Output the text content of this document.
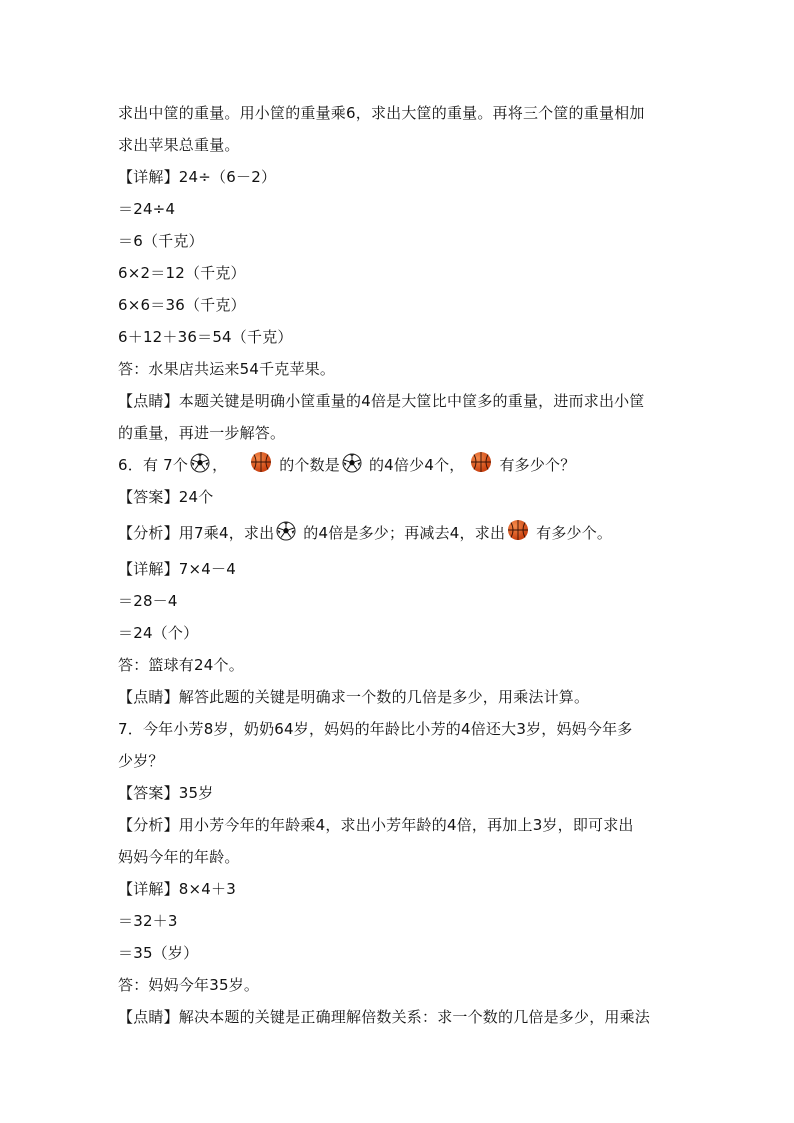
求出中筐的重量。用小筐的重量乘6，求出大筐的重量。再将三个筐的重量相加
求出苹果总重量。
【详解】24÷（6－2）
＝24÷4
＝6（千克）
6×2＝12（千克）
6×6＝36（千克）
6＋12＋36＝54（千克）
答：水果店共运来54千克苹果。
【点睛】本题关键是明确小筐重量的4倍是大筐比中筐多的重量，进而求出小筐
的重量，再进一步解答。
6．有 7个 ，	的个数是 的4倍少4个， 有多少个？
【答案】24个
【分析】用7乘4，求出 的4倍是多少；再减去4，求出 有多少个。
【详解】7×4－4
＝28－4
＝24（个）
答：篮球有24个。
【点睛】解答此题的关键是明确求一个数的几倍是多少，用乘法计算。
7．今年小芳8岁，奶奶64岁，妈妈的年龄比小芳的4倍还大3岁，妈妈今年多
少岁？
【答案】35岁
【分析】用小芳今年的年龄乘4，求出小芳年龄的4倍，再加上3岁，即可求出
妈妈今年的年龄。
【详解】8×4＋3
＝32＋3
＝35（岁）
答：妈妈今年35岁。
【点睛】解决本题的关键是正确理解倍数关系：求一个数的几倍是多少，用乘法
